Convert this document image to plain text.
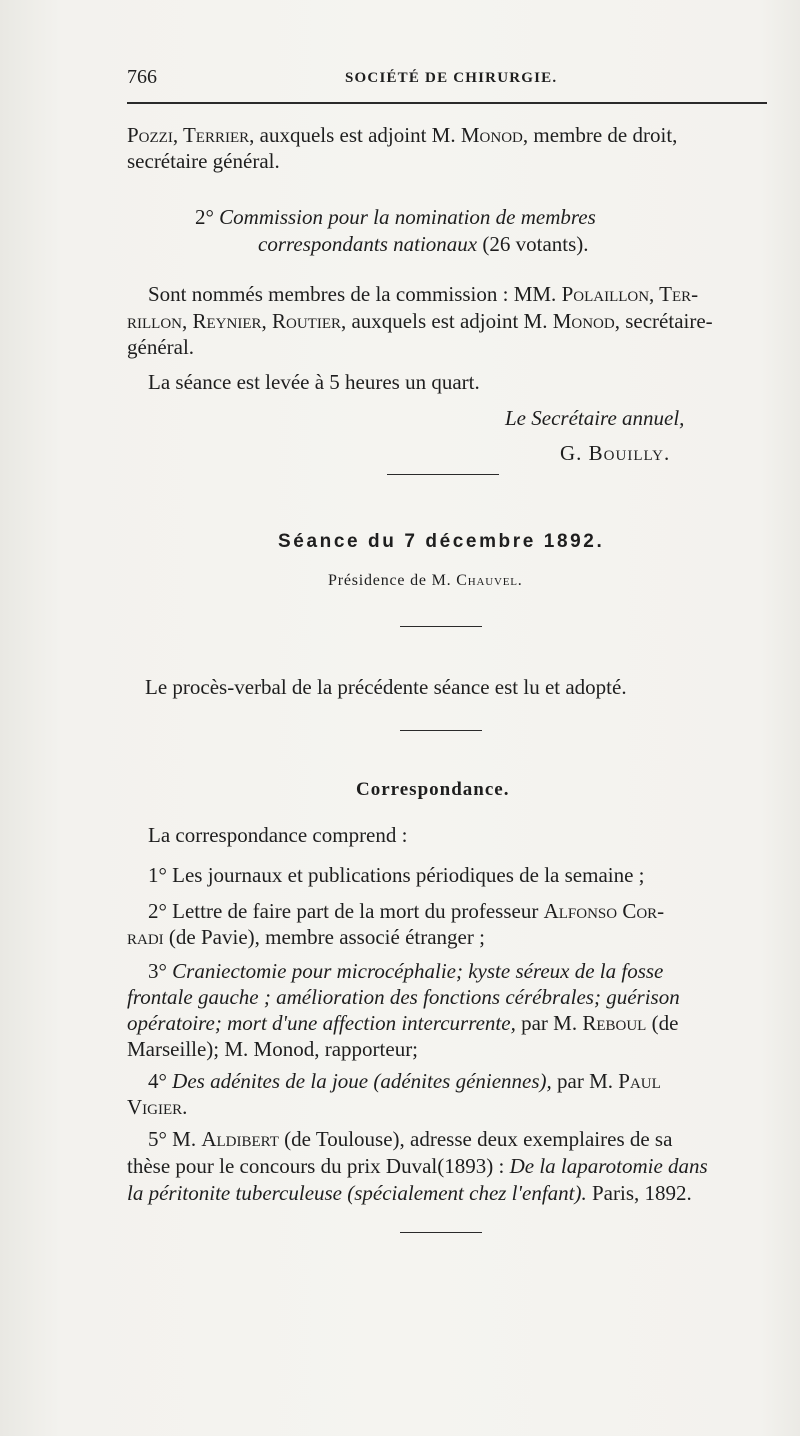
766	SOCIÉTÉ DE CHIRURGIE.
Pozzi, Terrier, auxquels est adjoint M. Monod, membre de droit,
secrétaire général.
2° Commission pour la nomination de membres
correspondants nationaux (26 votants).
Sont nommés membres de la commission : MM. Polaillon, Ter-
rillon, Reynier, Routier, auxquels est adjoint M. Monod, secrétaire-
général.
La séance est levée à 5 heures un quart.
Le Secrétaire annuel,
G. Bouilly.
Séance du 7 décembre 1892.
Présidence de M. Chauvel.
Le procès-verbal de la précédente séance est lu et adopté.
Correspondance.
La correspondance comprend :
1° Les journaux et publications périodiques de la semaine ;
2° Lettre de faire part de la mort du professeur Alfonso Cor-
radi (de Pavie), membre associé étranger ;
3° Craniectomie pour microcéphalie; kyste séreux de la fosse
frontale gauche ; amélioration des fonctions cérébrales; guérison
opératoire; mort d'une affection intercurrente, par M. Reboul (de
Marseille); M. Monod, rapporteur;
4° Des adénites de la joue (adénites géniennes), par M. Paul
Vigier.
5° M. Aldibert (de Toulouse), adresse deux exemplaires de sa
thèse pour le concours du prix Duval(1893) : De la laparotomie dans
la péritonite tuberculeuse (spécialement chez l'enfant). Paris, 1892.
